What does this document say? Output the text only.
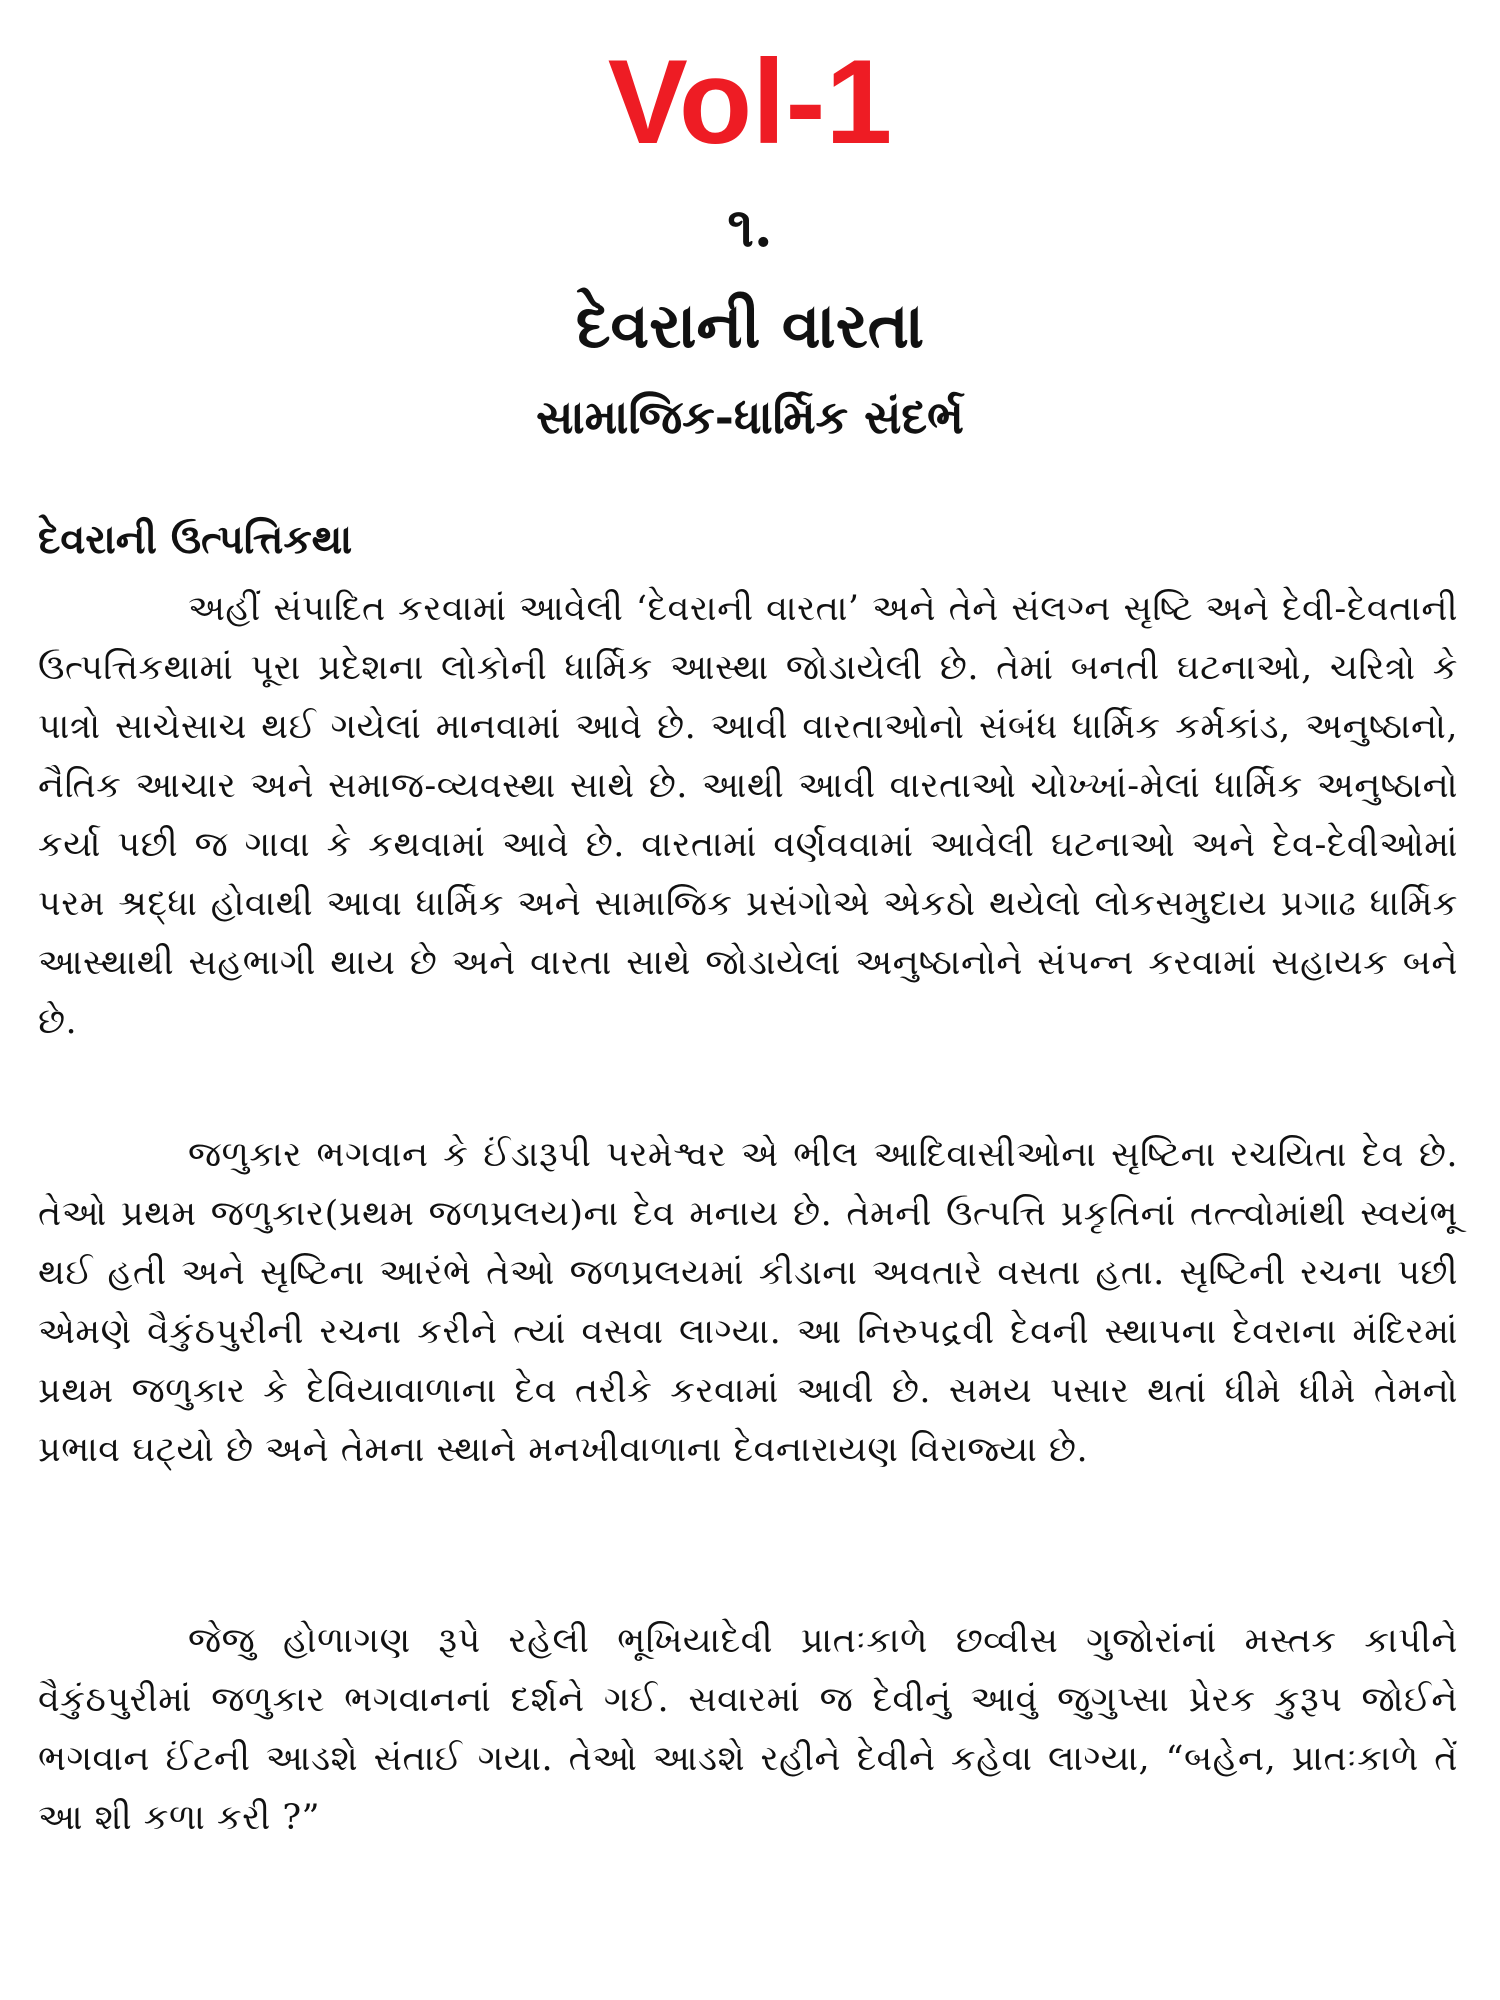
Vol-1
૧.
દેવરાની વારતા
સામાજિક-ધાર્મિક સંદર્ભ
દેવરાની ઉત્પત્તિકથા

અહીં સંપાદિત કરવામાં આવેલી ‘દેવરાની વારતા’ અને તેને સંલગ્ન સૃષ્ટિ અને દેવી-દેવતાની ઉત્પત્તિકથામાં પૂરા પ્રદેશના લોકોની ધાર્મિક આસ્થા જોડાયેલી છે. તેમાં બનતી ઘટનાઓ, ચરિત્રો કે પાત્રો સાચેસાચ થઈ ગયેલાં માનવામાં આવે છે. આવી વારતાઓનો સંબંધ ધાર્મિક કર્મકાંડ, અનુષ્ઠાનો, નૈતિક આચાર અને સમાજ-વ્યવસ્થા સાથે છે. આથી આવી વારતાઓ ચોખ્ખાં-મેલાં ધાર્મિક અનુષ્ઠાનો કર્યા પછી જ ગાવા કે કથવામાં આવે છે. વારતામાં વર્ણવવામાં આવેલી ઘટનાઓ અને દેવ-દેવીઓમાં પરમ શ્રદ્ધા હોવાથી આવા ધાર્મિક અને સામાજિક પ્રસંગોએ એકઠો થયેલો લોકસમુદાય પ્રગાઢ ધાર્મિક આસ્થાથી સહભાગી થાય છે અને વારતા સાથે જોડાયેલાં અનુષ્ઠાનોને સંપન્ન કરવામાં સહાયક બને છે.

જળુકાર ભગવાન કે ઈંડારૂપી પરમેશ્વર એ ભીલ આદિવાસીઓના સૃષ્ટિના રચયિતા દેવ છે. તેઓ પ્રથમ જળુકાર(પ્રથમ જળપ્રલય)ના દેવ મનાય છે. તેમની ઉત્પત્તિ પ્રકૃતિનાં તત્ત્વોમાંથી સ્વયંભૂ થઈ હતી અને સૃષ્ટિના આરંભે તેઓ જળપ્રલયમાં કીડાના અવતારે વસતા હતા. સૃષ્ટિની રચના પછી એમણે વૈકુંઠપુરીની રચના કરીને ત્યાં વસવા લાગ્યા. આ નિરુપદ્રવી દેવની સ્થાપના દેવરાના મંદિરમાં પ્રથમ જળુકાર કે દેવિયાવાળાના દેવ તરીકે કરવામાં આવી છે. સમય પસાર થતાં ધીમે ધીમે તેમનો પ્રભાવ ઘટ્યો છે અને તેમના સ્થાને મનખીવાળાના દેવનારાયણ વિરાજ્યા છે.

જેજુ હોળાગણ રૂપે રહેલી ભૂખિયાદેવી પ્રાતઃકાળે છવ્વીસ ગુજોરાંનાં મસ્તક કાપીને વૈકુંઠપુરીમાં જળુકાર ભગવાનનાં દર્શને ગઈ. સવારમાં જ દેવીનું આવું જુગુપ્સા પ્રેરક કુરૂપ જોઈને ભગવાન ઈંટની આડશે સંતાઈ ગયા. તેઓ આડશે રહીને દેવીને કહેવા લાગ્યા, “બહેન, પ્રાતઃકાળે તેં આ શી કળા કરી ?”
